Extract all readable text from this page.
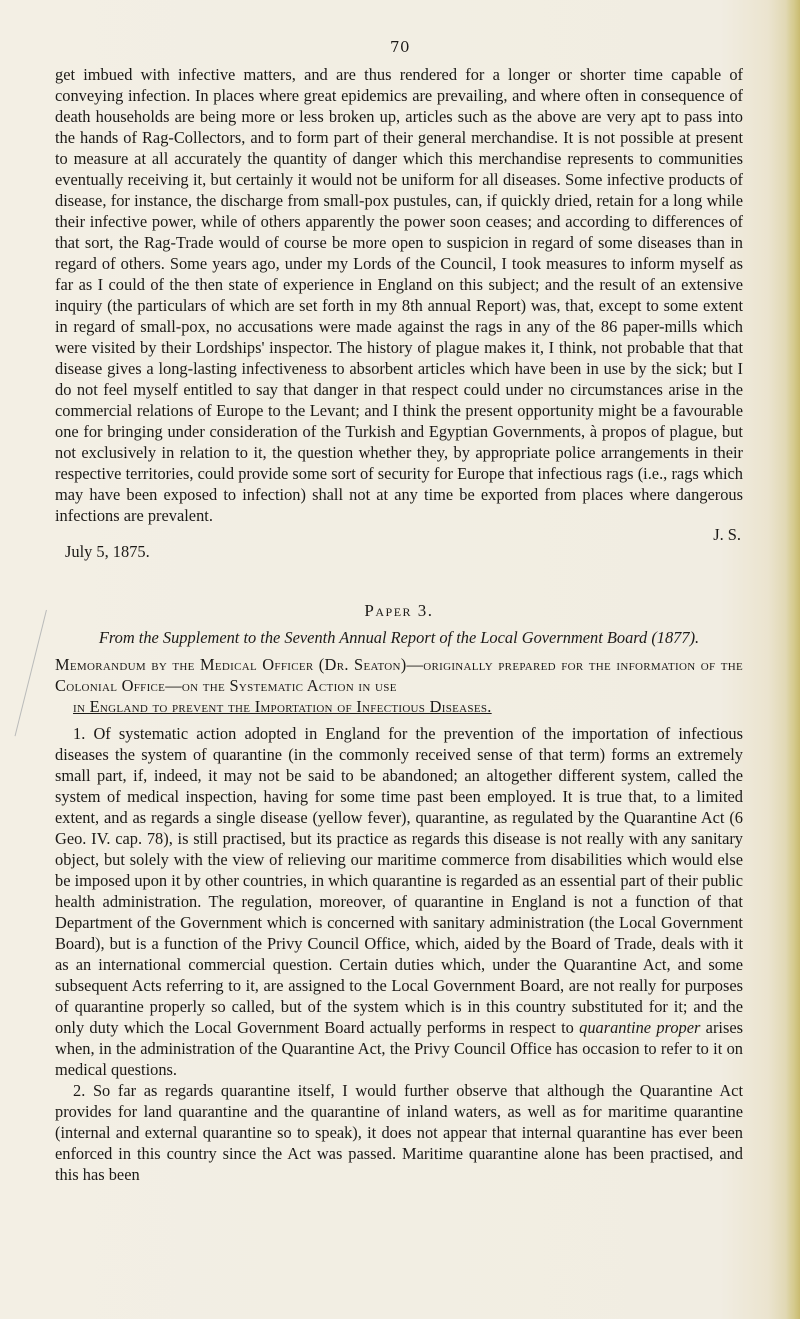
70

get imbued with infective matters, and are thus rendered for a longer or shorter time capable of conveying infection. In places where great epidemics are prevailing, and where often in consequence of death households are being more or less broken up, articles such as the above are very apt to pass into the hands of Rag-Collectors, and to form part of their general merchandise. It is not possible at present to measure at all accurately the quantity of danger which this merchandise represents to communities eventually receiving it, but certainly it would not be uniform for all diseases. Some infective products of disease, for instance, the discharge from small-pox pustules, can, if quickly dried, retain for a long while their infective power, while of others apparently the power soon ceases; and according to differences of that sort, the Rag-Trade would of course be more open to suspicion in regard of some diseases than in regard of others. Some years ago, under my Lords of the Council, I took measures to inform myself as far as I could of the then state of experience in England on this subject; and the result of an extensive inquiry (the particulars of which are set forth in my 8th annual Report) was, that, except to some extent in regard of small-pox, no accusations were made against the rags in any of the 86 paper-mills which were visited by their Lordships' inspector. The history of plague makes it, I think, not probable that that disease gives a long-lasting infectiveness to absorbent articles which have been in use by the sick; but I do not feel myself entitled to say that danger in that respect could under no circumstances arise in the commercial relations of Europe to the Levant; and I think the present opportunity might be a favourable one for bringing under consideration of the Turkish and Egyptian Governments, à propos of plague, but not exclusively in relation to it, the question whether they, by appropriate police arrangements in their respective territories, could provide some sort of security for Europe that infectious rags (i.e., rags which may have been exposed to infection) shall not at any time be exported from places where dangerous infections are prevalent.

J. S.

July 5, 1875.

Paper 3.

From the Supplement to the Seventh Annual Report of the Local Government Board (1877).

Memorandum by the Medical Officer (Dr. Seaton)—originally prepared for the information of the Colonial Office—on the Systematic Action in use
in England to prevent the Importation of Infectious Diseases.

1. Of systematic action adopted in England for the prevention of the importation of infectious diseases the system of quarantine (in the commonly received sense of that term) forms an extremely small part, if, indeed, it may not be said to be abandoned; an altogether different system, called the system of medical inspection, having for some time past been employed. It is true that, to a limited extent, and as regards a single disease (yellow fever), quarantine, as regulated by the Quarantine Act (6 Geo. IV. cap. 78), is still practised, but its practice as regards this disease is not really with any sanitary object, but solely with the view of relieving our maritime commerce from disabilities which would else be imposed upon it by other countries, in which quarantine is regarded as an essential part of their public health administration. The regulation, moreover, of quarantine in England is not a function of that Department of the Government which is concerned with sanitary administration (the Local Government Board), but is a function of the Privy Council Office, which, aided by the Board of Trade, deals with it as an international commercial question. Certain duties which, under the Quarantine Act, and some subsequent Acts referring to it, are assigned to the Local Government Board, are not really for purposes of quarantine properly so called, but of the system which is in this country substituted for it; and the only duty which the Local Government Board actually performs in respect to quarantine proper arises when, in the administration of the Quarantine Act, the Privy Council Office has occasion to refer to it on medical questions.

2. So far as regards quarantine itself, I would further observe that although the Quarantine Act provides for land quarantine and the quarantine of inland waters, as well as for maritime quarantine (internal and external quarantine so to speak), it does not appear that internal quarantine has ever been enforced in this country since the Act was passed. Maritime quarantine alone has been practised, and this has been
